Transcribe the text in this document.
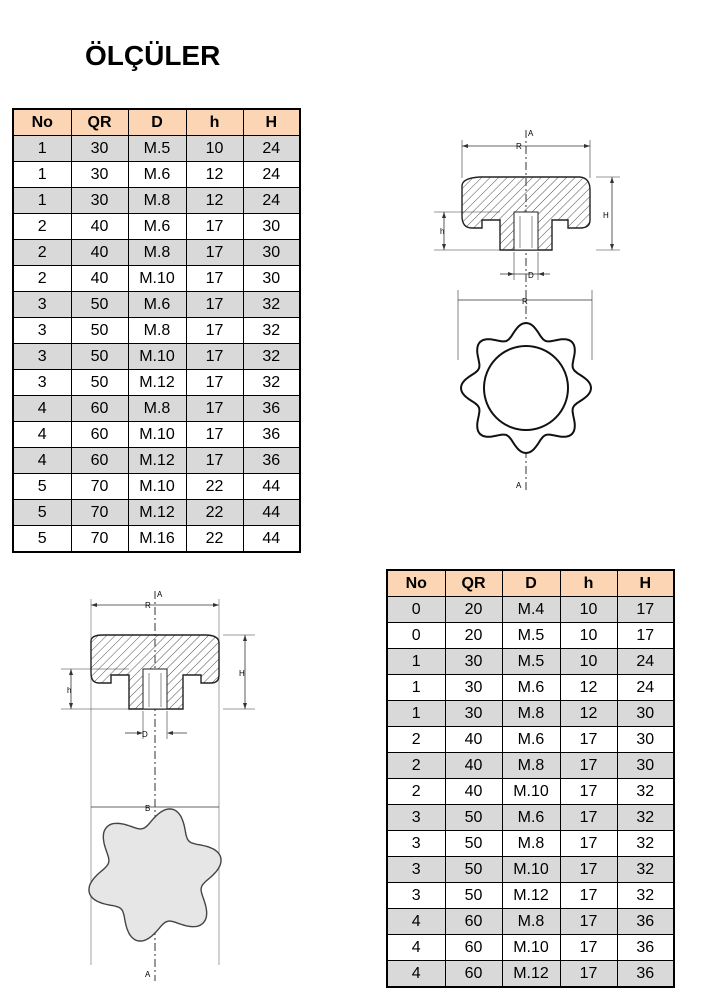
ÖLÇÜLER
No	QR	D	h	H
1	30	M.5	10	24
1	30	M.6	12	24
1	30	M.8	12	24
2	40	M.6	17	30
2	40	M.8	17	30
2	40	M.10	17	30
3	50	M.6	17	32
3	50	M.8	17	32
3	50	M.10	17	32
3	50	M.12	17	32
4	60	M.8	17	36
4	60	M.10	17	36
4	60	M.12	17	36
5	70	M.10	22	44
5	70	M.12	22	44
5	70	M.16	22	44
No	QR	D	h	H
0	20	M.4	10	17
0	20	M.5	10	17
1	30	M.5	10	24
1	30	M.6	12	24
1	30	M.8	12	30
2	40	M.6	17	30
2	40	M.8	17	30
2	40	M.10	17	32
3	50	M.6	17	32
3	50	M.8	17	32
3	50	M.10	17	32
3	50	M.12	17	32
4	60	M.8	17	36
4	60	M.10	17	36
4	60	M.12	17	36
A
R
H
h
D
R
A
A
R
H
h
D
B
A
